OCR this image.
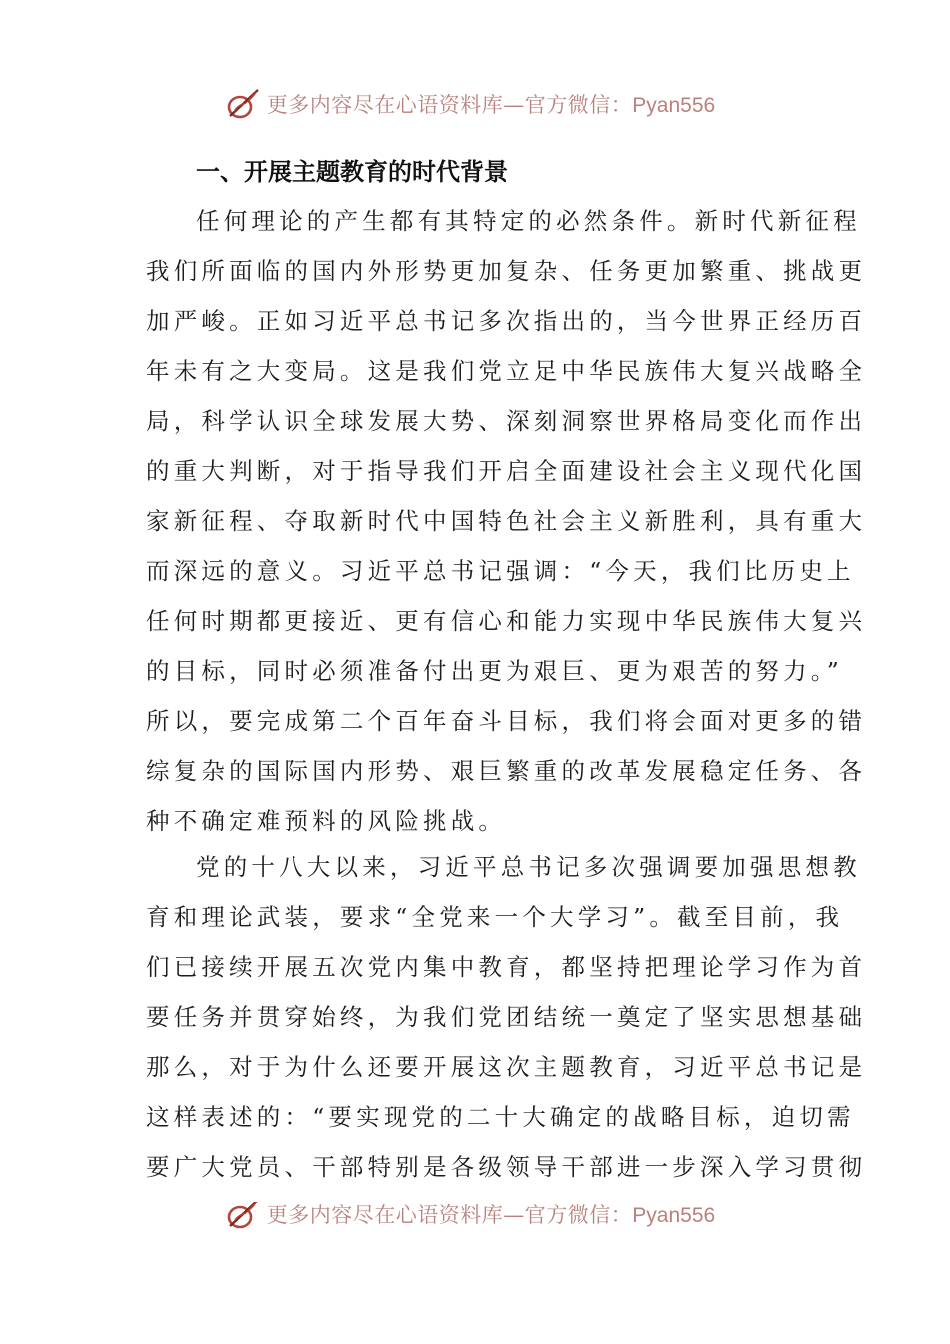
更多内容尽在心语资料库—官方微信：Pyan556
一、开展主题教育的时代背景
任何理论的产生都有其特定的必然条件。新时代新征程
我们所面临的国内外形势更加复杂、任务更加繁重、挑战更
加严峻。正如习近平总书记多次指出的，当今世界正经历百
年未有之大变局。这是我们党立足中华民族伟大复兴战略全
局，科学认识全球发展大势、深刻洞察世界格局变化而作出
的重大判断，对于指导我们开启全面建设社会主义现代化国
家新征程、夺取新时代中国特色社会主义新胜利，具有重大
而深远的意义。习近平总书记强调：“今天，我们比历史上
任何时期都更接近、更有信心和能力实现中华民族伟大复兴
的目标，同时必须准备付出更为艰巨、更为艰苦的努力。”
所以，要完成第二个百年奋斗目标，我们将会面对更多的错
综复杂的国际国内形势、艰巨繁重的改革发展稳定任务、各
种不确定难预料的风险挑战。
党的十八大以来，习近平总书记多次强调要加强思想教
育和理论武装，要求“全党来一个大学习”。截至目前，我
们已接续开展五次党内集中教育，都坚持把理论学习作为首
要任务并贯穿始终，为我们党团结统一奠定了坚实思想基础
那么，对于为什么还要开展这次主题教育，习近平总书记是
这样表述的：“要实现党的二十大确定的战略目标，迫切需
要广大党员、干部特别是各级领导干部进一步深入学习贯彻
更多内容尽在心语资料库—官方微信：Pyan556
